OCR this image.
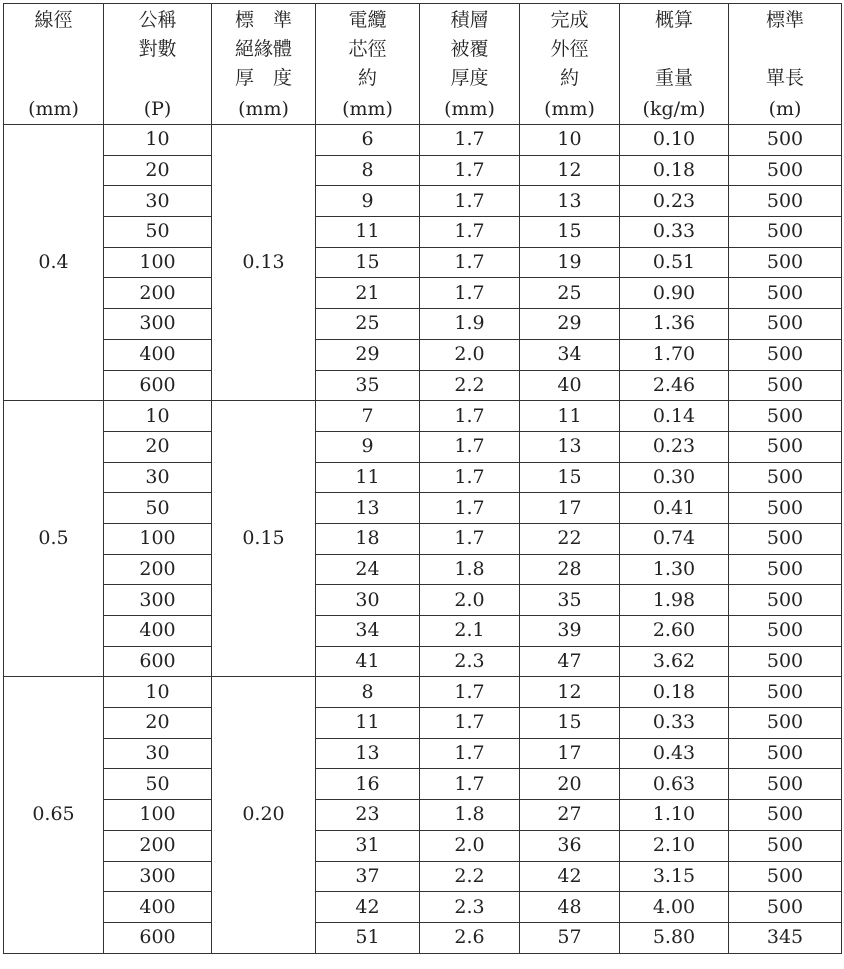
線徑
(mm)	公稱
對數
(P)	標　準
絕緣體
厚　度
(mm)	電纜
芯徑
約
(mm)	積層
被覆
厚度
(mm)	完成
外徑
約
(mm)	概算
重量
(kg/m)	標準
單長
(m)

0.4	10	0.13	6	1.7	10	0.10	500
	20		8	1.7	12	0.18	500
	30		9	1.7	13	0.23	500
	50		11	1.7	15	0.33	500
	100		15	1.7	19	0.51	500
	200		21	1.7	25	0.90	500
	300		25	1.9	29	1.36	500
	400		29	2.0	34	1.70	500
	600		35	2.2	40	2.46	500
0.5	10	0.15	7	1.7	11	0.14	500
	20		9	1.7	13	0.23	500
	30		11	1.7	15	0.30	500
	50		13	1.7	17	0.41	500
	100		18	1.7	22	0.74	500
	200		24	1.8	28	1.30	500
	300		30	2.0	35	1.98	500
	400		34	2.1	39	2.60	500
	600		41	2.3	47	3.62	500
0.65	10	0.20	8	1.7	12	0.18	500
	20		11	1.7	15	0.33	500
	30		13	1.7	17	0.43	500
	50		16	1.7	20	0.63	500
	100		23	1.8	27	1.10	500
	200		31	2.0	36	2.10	500
	300		37	2.2	42	3.15	500
	400		42	2.3	48	4.00	500
	600		51	2.6	57	5.80	345
